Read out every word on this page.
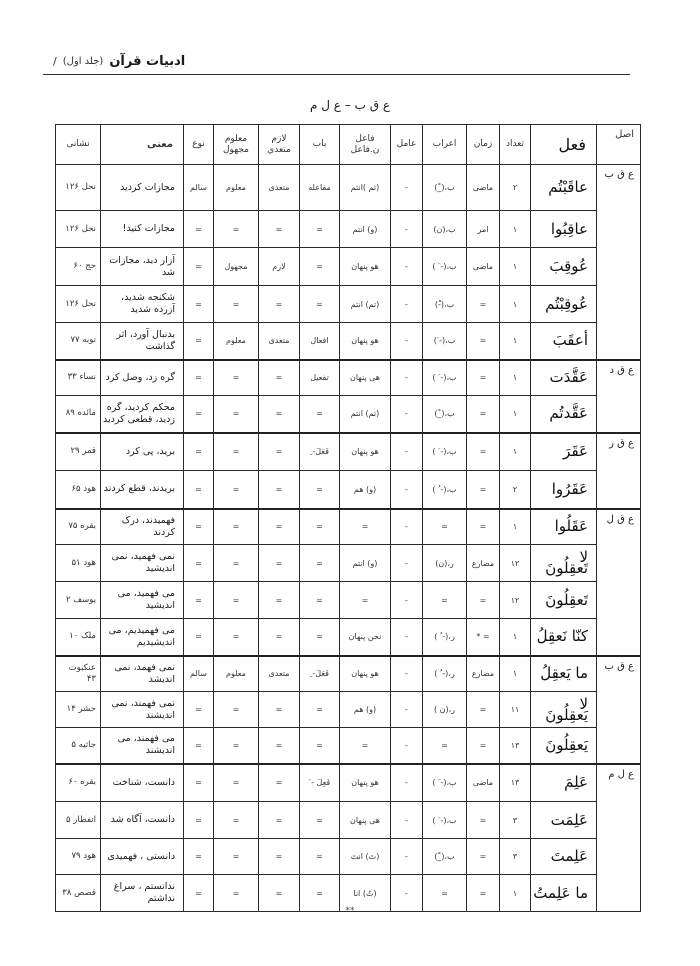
/ (جلد اول) ادبیات قرآن
ع ق ب – ع ل م
اصل	فعل	تعداد	زمان	اعراب	عامل	فاعل ن.فاعل	باب	لازم متعدي	معلوم مجهول	نوع	معنی	نشانی
ع ق ب	عاقَبْتُم	۲	ماضی	ب،(_ْ)	-	(تم )انتم	مفاعله	متعدی	معلوم	سالم	مجازات کردید	نحل ۱۲۶
	عاقِبُوا	۱	امر	ب،(ن)	-	(و) انتم	=	=	=	=	مجازات کنید!	نحل ۱۲۶
	عُوقِبَ	۱	ماضی	ب،(- َ )	-	هو پنهان	=	لازم	مجهول	=	آزار دید، مجازات شد	حج ۶۰
	عُوقِبْتُم	۱	=	ب،(-ْ)	-	(تم) انتم	=	=	=	=	شکنجه شدید، آزرده شدید	نحل ۱۲۶
	أعقَبَ	۱	=	ب،(- َ)	-	هو پنهان	افعال	متعدی	معلوم	=	بدنبال آورد، اثر گذاشت	توبه ۷۷
ع ق د	عَقَّدَت	۱	=	ب،(- َ )	-	هی پنهان	تفعیل	=	=	=	گره زد، وصل کرد	نساء ۳۳
	عَقَّدتُم	۱	=	ب،(_ْ)	-	(تم) انتم	=	=	=	=	محکم کردید، گره زدید، قطعی کردید	مائده ۸۹
ع ق ر	عَقَرَ	۱	=	ب،(- َ )	-	هو پنهان	فَعَلَ- ِ	=	=	=	برید، پی کرد	قمر ۲۹
	عَقَرُوا	۲	=	ب،(- ُ )	-	(و) هم	=	=	=	=	بریدند، قطع کردند	هود ۶۵
ع ق ل	عَقَلُوا	۱	=	=	-	=	=	=	=	=	فهمیدند، درک کردند	بقره ۷۵
	لا تَعقِلُونَ	۱۲	مضارع	ر،(ن)	-	(و) انتم	=	=	=	=	نمی فهمید، نمی اندیشید	هود ۵۱
	تَعقِلُونَ	۱۲	=	=	-	=	=	=	=	=	می فهمید، می اندیشید	یوسف ۲
	کنّا نَعقِلُ	۱	= *	ر،(- ُ )	-	نحن پنهان	=	=	=	=	می فهمیدیم، می اندیشیدیم	ملک ۱۰
ع ق ب	ما يَعقِلُ	۱	مضارع	ر،(- ُ )	-	هو پنهان	فَعَلَ- ِ	متعدی	معلوم	سالم	نمی فهمد، نمی اندیشد	عنکبوت ۴۳
	لا يَعقِلُونَ	۱۱	=	ر،(ن )	-	(و) هم	=	=	=	=	نمی فهمند، نمی اندیشند	حشر ۱۴
	يَعقِلُونَ	۱۳	=	=	-	=	=	=	=	=	می فهمند، می اندیشند	جاثیه ۵
ع ل م	عَلِمَ	۱۳	ماضی	ب،(- َ )	-	هو پنهان	فَعِلَ - َ	=	=	=	دانست، شناخت	بقره ۶۰
	عَلِمَت	۳	=	ب،(- َ )	-	هی پنهان	=	=	=	=	دانست، آگاه شد	انفطار ۵
	عَلِمتَ	۳	=	ب،(_ْ)	-	(تَ) انتَ	=	=	=	=	دانستی ، فهمیدی	هود ۷۹
	ما عَلِمتُ	۱	=	=	-	(تُ) انا	=	=	=	=	ندانستم ، سراغ نداشتم	قصص ۳۸
**
